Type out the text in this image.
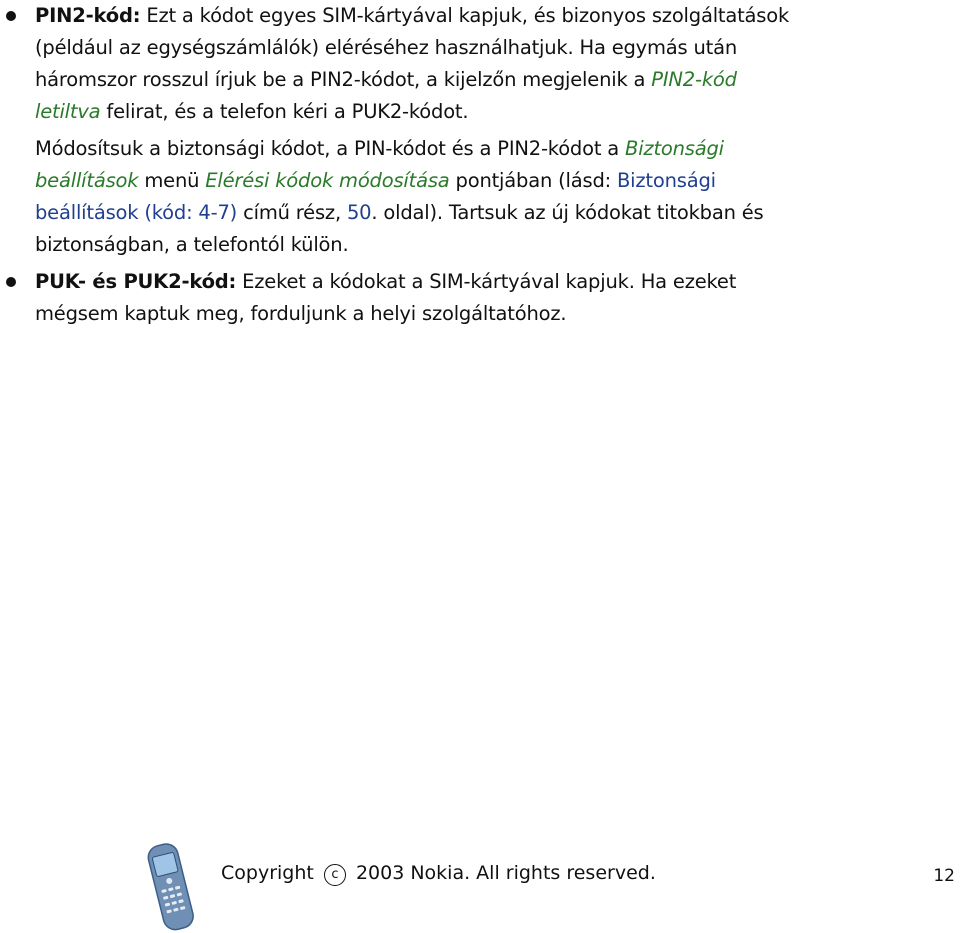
PIN2-kód: Ezt a kódot egyes SIM-kártyával kapjuk, és bizonyos szolgáltatások
(például az egységszámlálók) eléréséhez használhatjuk. Ha egymás után
háromszor rosszul írjuk be a PIN2-kódot, a kijelzőn megjelenik a PIN2-kód letiltva felirat, és a telefon kéri a PUK2-kódot.

Módosítsuk a biztonsági kódot, a PIN-kódot és a PIN2-kódot a Biztonsági beállítások menü Elérési kódok módosítása pontjában (lásd: Biztonsági beállítások (kód: 4-7) című rész, 50. oldal). Tartsuk az új kódokat titokban és biztonságban, a telefontól külön.

PUK- és PUK2-kód: Ezeket a kódokat a SIM-kártyával kapjuk. Ha ezeket mégsem kaptuk meg, forduljunk a helyi szolgáltatóhoz.

Copyright c 2003 Nokia. All rights reserved.	12
